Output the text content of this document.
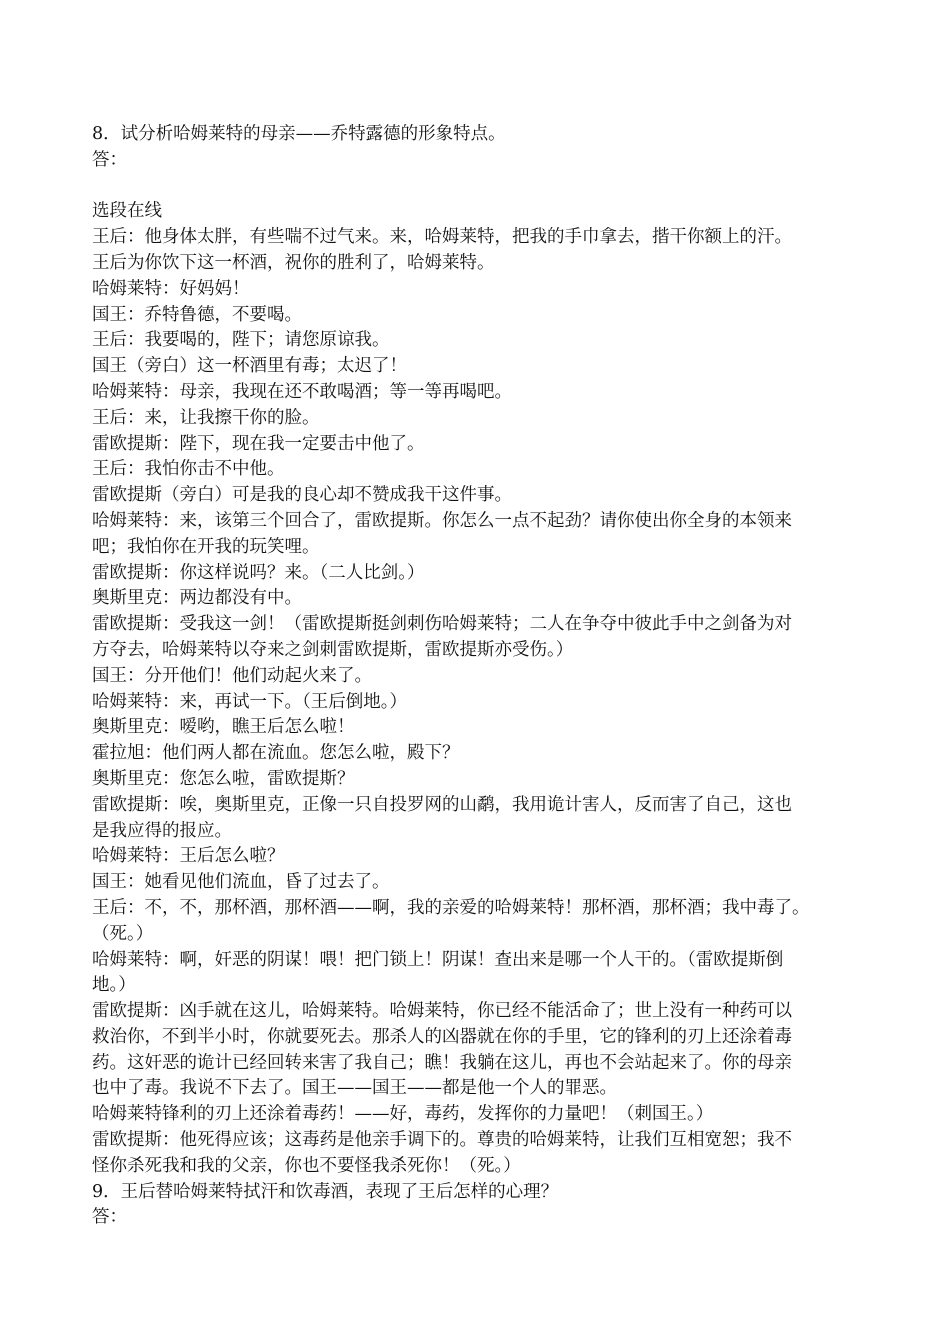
8．试分析哈姆莱特的母亲——乔特露德的形象特点。
答：
选段在线
王后：他身体太胖，有些喘不过气来。来，哈姆莱特，把我的手巾拿去，揩干你额上的汗。
王后为你饮下这一杯酒，祝你的胜利了，哈姆莱特。
哈姆莱特：好妈妈！
国王：乔特鲁德，不要喝。
王后：我要喝的，陛下；请您原谅我。
国王（旁白）这一杯酒里有毒；太迟了！
哈姆莱特：母亲，我现在还不敢喝酒；等一等再喝吧。
王后：来，让我擦干你的脸。
雷欧提斯：陛下，现在我一定要击中他了。
王后：我怕你击不中他。
雷欧提斯（旁白）可是我的良心却不赞成我干这件事。
哈姆莱特：来，该第三个回合了，雷欧提斯。你怎么一点不起劲？请你使出你全身的本领来
吧；我怕你在开我的玩笑哩。
雷欧提斯：你这样说吗？来。（二人比剑。）
奥斯里克：两边都没有中。
雷欧提斯：受我这一剑！（雷欧提斯挺剑刺伤哈姆莱特；二人在争夺中彼此手中之剑备为对
方夺去，哈姆莱特以夺来之剑刺雷欧提斯，雷欧提斯亦受伤。）
国王：分开他们！他们动起火来了。
哈姆莱特：来，再试一下。（王后倒地。）
奥斯里克：嗳哟，瞧王后怎么啦！
霍拉旭：他们两人都在流血。您怎么啦，殿下？
奥斯里克：您怎么啦，雷欧提斯？
雷欧提斯：唉，奥斯里克，正像一只自投罗网的山鹬，我用诡计害人，反而害了自己，这也
是我应得的报应。
哈姆莱特：王后怎么啦？
国王：她看见他们流血，昏了过去了。
王后：不，不，那杯酒，那杯酒——啊，我的亲爱的哈姆莱特！那杯酒，那杯酒；我中毒了。
（死。）
哈姆莱特：啊，奸恶的阴谋！喂！把门锁上！阴谋！查出来是哪一个人干的。（雷欧提斯倒
地。）
雷欧提斯：凶手就在这儿，哈姆莱特。哈姆莱特，你已经不能活命了；世上没有一种药可以
救治你，不到半小时，你就要死去。那杀人的凶器就在你的手里，它的锋利的刃上还涂着毒
药。这奸恶的诡计已经回转来害了我自己；瞧！我躺在这儿，再也不会站起来了。你的母亲
也中了毒。我说不下去了。国王——国王——都是他一个人的罪恶。
哈姆莱特锋利的刃上还涂着毒药！——好，毒药，发挥你的力量吧！（刺国王。）
雷欧提斯：他死得应该；这毒药是他亲手调下的。尊贵的哈姆莱特，让我们互相宽恕；我不
怪你杀死我和我的父亲，你也不要怪我杀死你！（死。）
9．王后替哈姆莱特拭汗和饮毒酒，表现了王后怎样的心理？
答：
